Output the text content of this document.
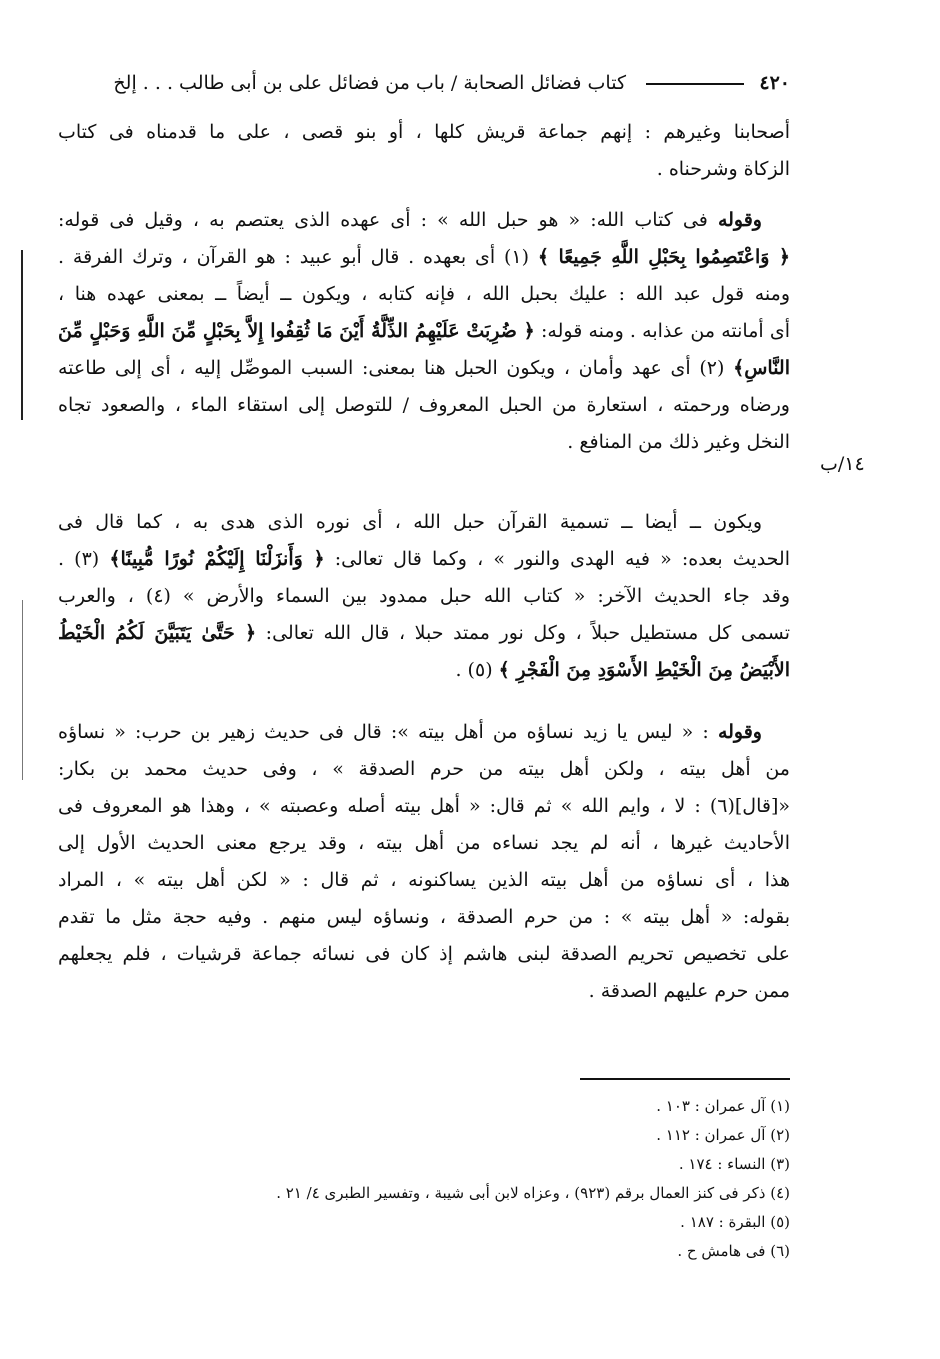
٤٢٠
كتاب فضائل الصحابة / باب من فضائل على بن أبى طالب . . . إلخ
١٤/ب
أصحابنا وغيرهم : إنهم جماعة قريش كلها ، أو بنو قصى ، على ما قدمناه فى كتاب
الزكاة وشرحناه .
وقوله فى كتاب الله: « هو حبل الله » : أى عهده الذى يعتصم به ، وقيل فى قوله:
﴿ وَاعْتَصِمُوا بِحَبْلِ اللَّهِ جَمِيعًا ﴾ (١) أى بعهده . قال أبو عبيد : هو القرآن ، وترك الفرقة .
ومنه قول عبد الله : عليك بحبل الله ، فإنه كتابه ، ويكون ــ أيضاً ــ بمعنى عهده هنا ،
أى أمانته من عذابه . ومنه قوله: ﴿ ضُرِبَتْ عَلَيْهِمُ الذِّلَّةُ أَيْنَ مَا ثُقِفُوا إِلاَّ بِحَبْلٍ مِّنَ اللَّهِ وَحَبْلٍ مِّنَ
النَّاسِ﴾ (٢) أى عهد وأمان ، ويكون الحبل هنا بمعنى: السبب الموصِّل إليه ، أى إلى طاعته
ورضاه ورحمته ، استعارة من الحبل المعروف / للتوصل إلى استقاء الماء ، والصعود تجاه
النخل وغير ذلك من المنافع .
ويكون ــ أيضا ــ تسمية القرآن حبل الله ، أى نوره الذى هدى به ، كما قال فى
الحديث بعده: « فيه الهدى والنور » ، وكما قال تعالى: ﴿ وَأَنزَلْنَا إِلَيْكُمْ نُورًا مُّبِينًا﴾ (٣) .
وقد جاء الحديث الآخر: « كتاب الله حبل ممدود بين السماء والأرض » (٤) ، والعرب
تسمى كل مستطيل حبلاً ، وكل نور ممتد حبلا ، قال الله تعالى: ﴿ حَتَّىٰ يَتَبَيَّنَ لَكُمُ الْخَيْطُ
الأَبْيَضُ مِنَ الْخَيْطِ الأَسْوَدِ مِنَ الْفَجْرِ ﴾ (٥) .
وقوله : « ليس يا زيد نساؤه من أهل بيته »: قال فى حديث زهير بن حرب: « نساؤه
من أهل بيته ، ولكن أهل بيته من حرم الصدقة » ، وفى حديث محمد بن بكار:
«[قال](٦) : لا ، وايم الله » ثم قال: « أهل بيته أصله وعصبته » ، وهذا هو المعروف فى
الأحاديث غيرها ، أنه لم يجد نساءه من أهل بيته ، وقد يرجع معنى الحديث الأول إلى
هذا ، أى نساؤه من أهل بيته الذين يساكنونه ، ثم قال : « لكن أهل بيته » ، المراد
بقوله: « أهل بيته » : من حرم الصدقة ، ونساؤه ليس منهم . وفيه حجة مثل ما تقدم
على تخصيص تحريم الصدقة لبنى هاشم إذ كان فى نسائه جماعة قرشيات ، فلم يجعلهم
ممن حرم عليهم الصدقة .
(١) آل عمران : ١٠٣ .
(٢) آل عمران : ١١٢ .
(٣) النساء : ١٧٤ .
(٤) ذكر فى كنز العمال برقم (٩٢٣) ، وعزاه لابن أبى شيبة ، وتفسير الطبرى ٤/ ٢١ .
(٥) البقرة : ١٨٧ .
(٦) فى هامش ح .
